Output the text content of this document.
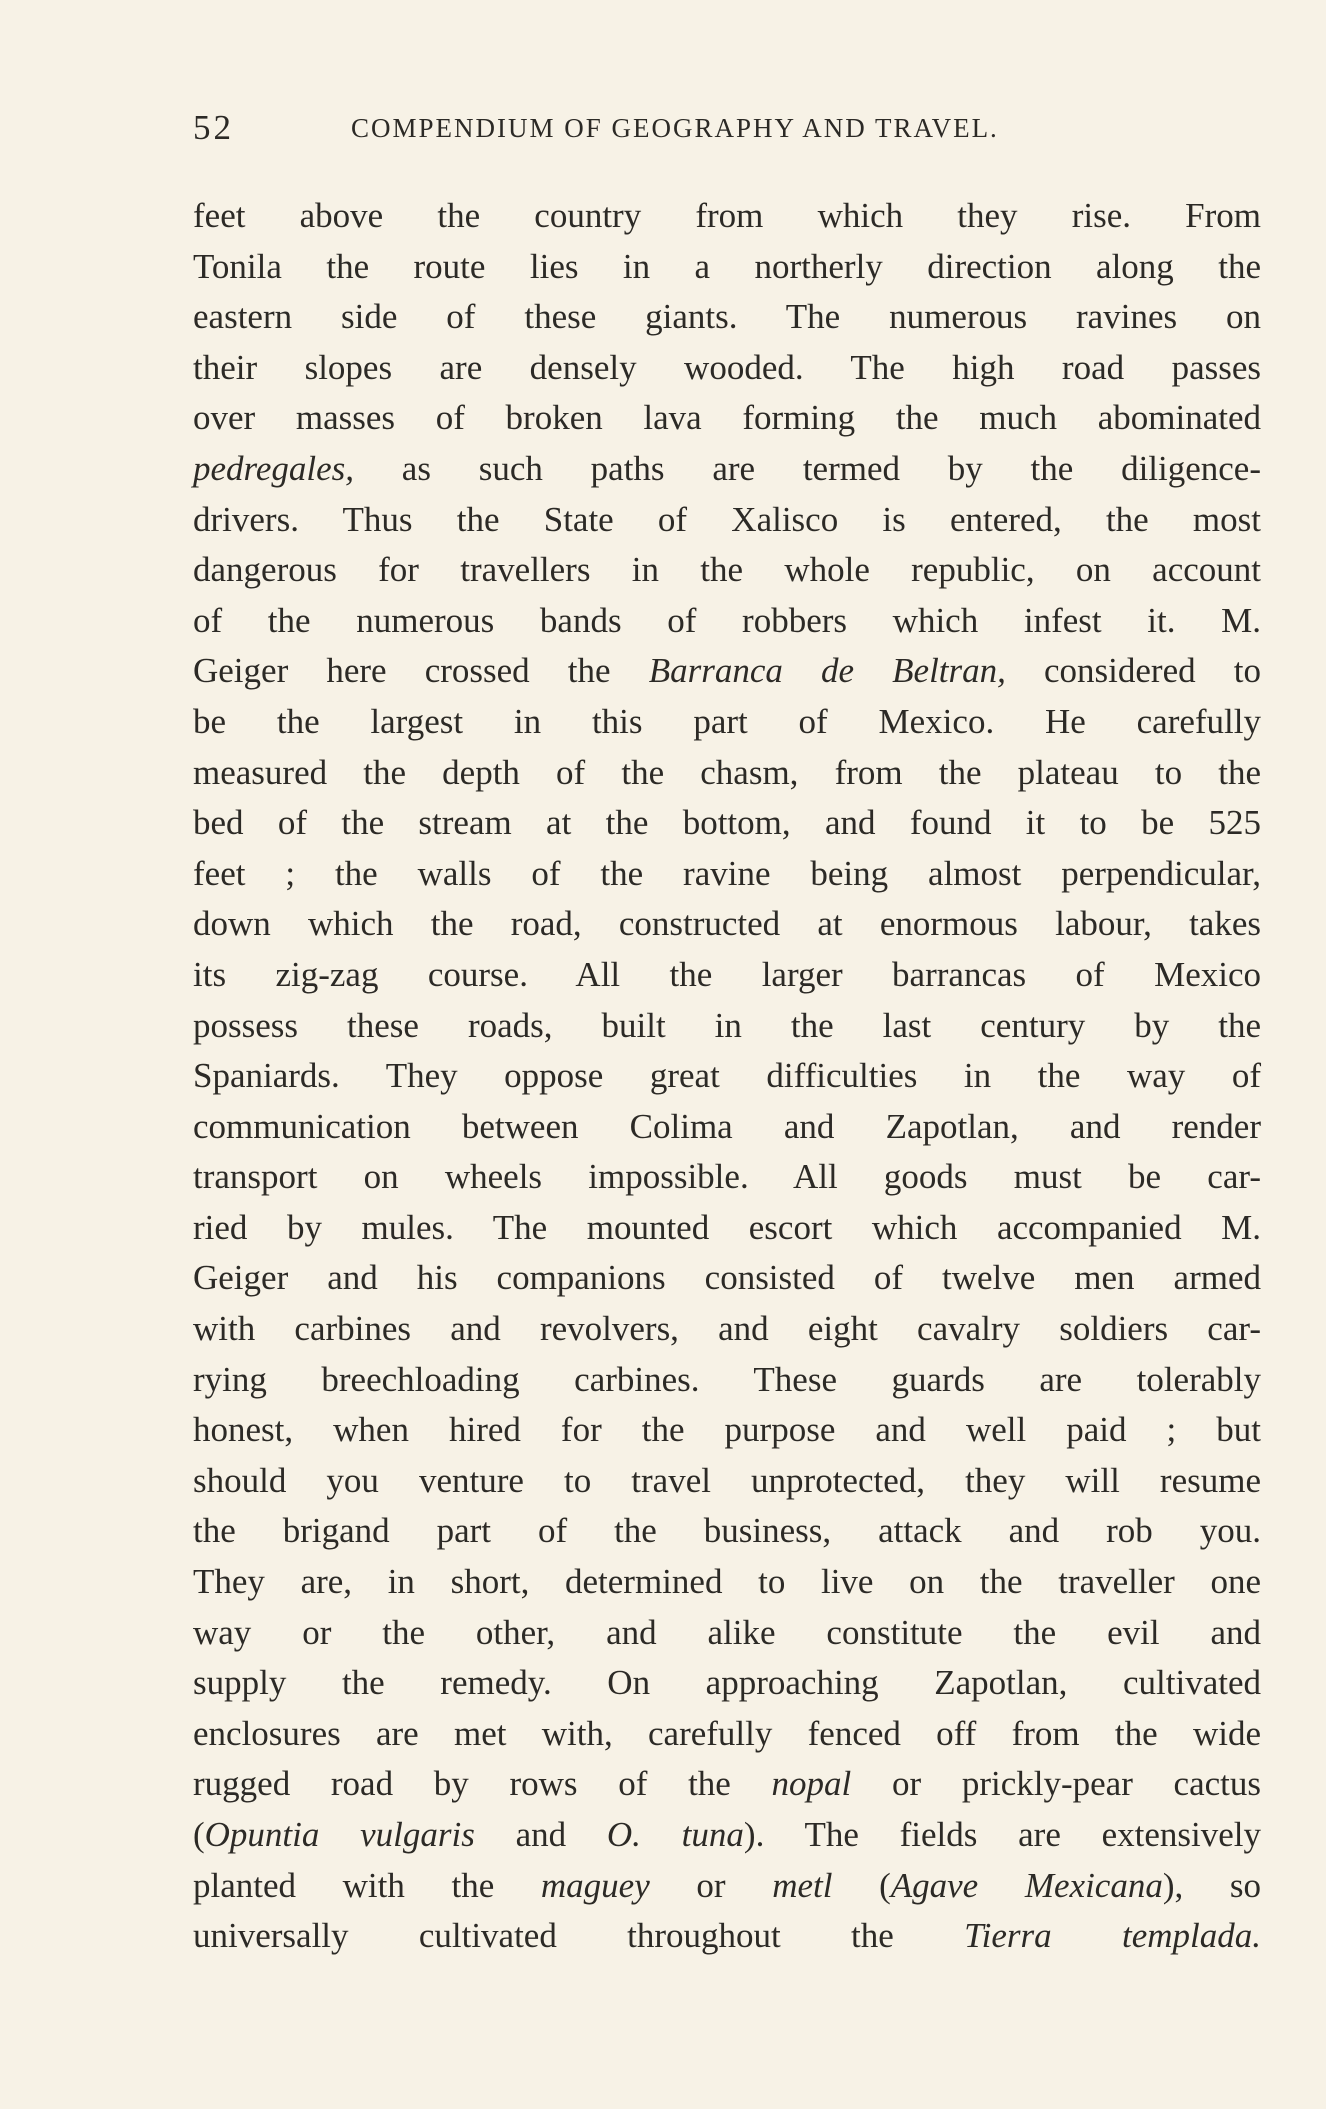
52	COMPENDIUM OF GEOGRAPHY AND TRAVEL.
feet above the country from which they rise. From
Tonila the route lies in a northerly direction along the
eastern side of these giants. The numerous ravines on
their slopes are densely wooded. The high road passes
over masses of broken lava forming the much abominated
pedregales, as such paths are termed by the diligence-
drivers. Thus the State of Xalisco is entered, the most
dangerous for travellers in the whole republic, on account
of the numerous bands of robbers which infest it. M.
Geiger here crossed the Barranca de Beltran, considered to
be the largest in this part of Mexico. He carefully
measured the depth of the chasm, from the plateau to the
bed of the stream at the bottom, and found it to be 525
feet ; the walls of the ravine being almost perpendicular,
down which the road, constructed at enormous labour, takes
its zig-zag course. All the larger barrancas of Mexico
possess these roads, built in the last century by the
Spaniards. They oppose great difficulties in the way of
communication between Colima and Zapotlan, and render
transport on wheels impossible. All goods must be car-
ried by mules. The mounted escort which accompanied M.
Geiger and his companions consisted of twelve men armed
with carbines and revolvers, and eight cavalry soldiers car-
rying breechloading carbines. These guards are tolerably
honest, when hired for the purpose and well paid ; but
should you venture to travel unprotected, they will resume
the brigand part of the business, attack and rob you.
They are, in short, determined to live on the traveller one
way or the other, and alike constitute the evil and
supply the remedy. On approaching Zapotlan, cultivated
enclosures are met with, carefully fenced off from the wide
rugged road by rows of the nopal or prickly-pear cactus
(Opuntia vulgaris and O. tuna). The fields are extensively
planted with the maguey or metl (Agave Mexicana), so
universally cultivated throughout the Tierra templada.
